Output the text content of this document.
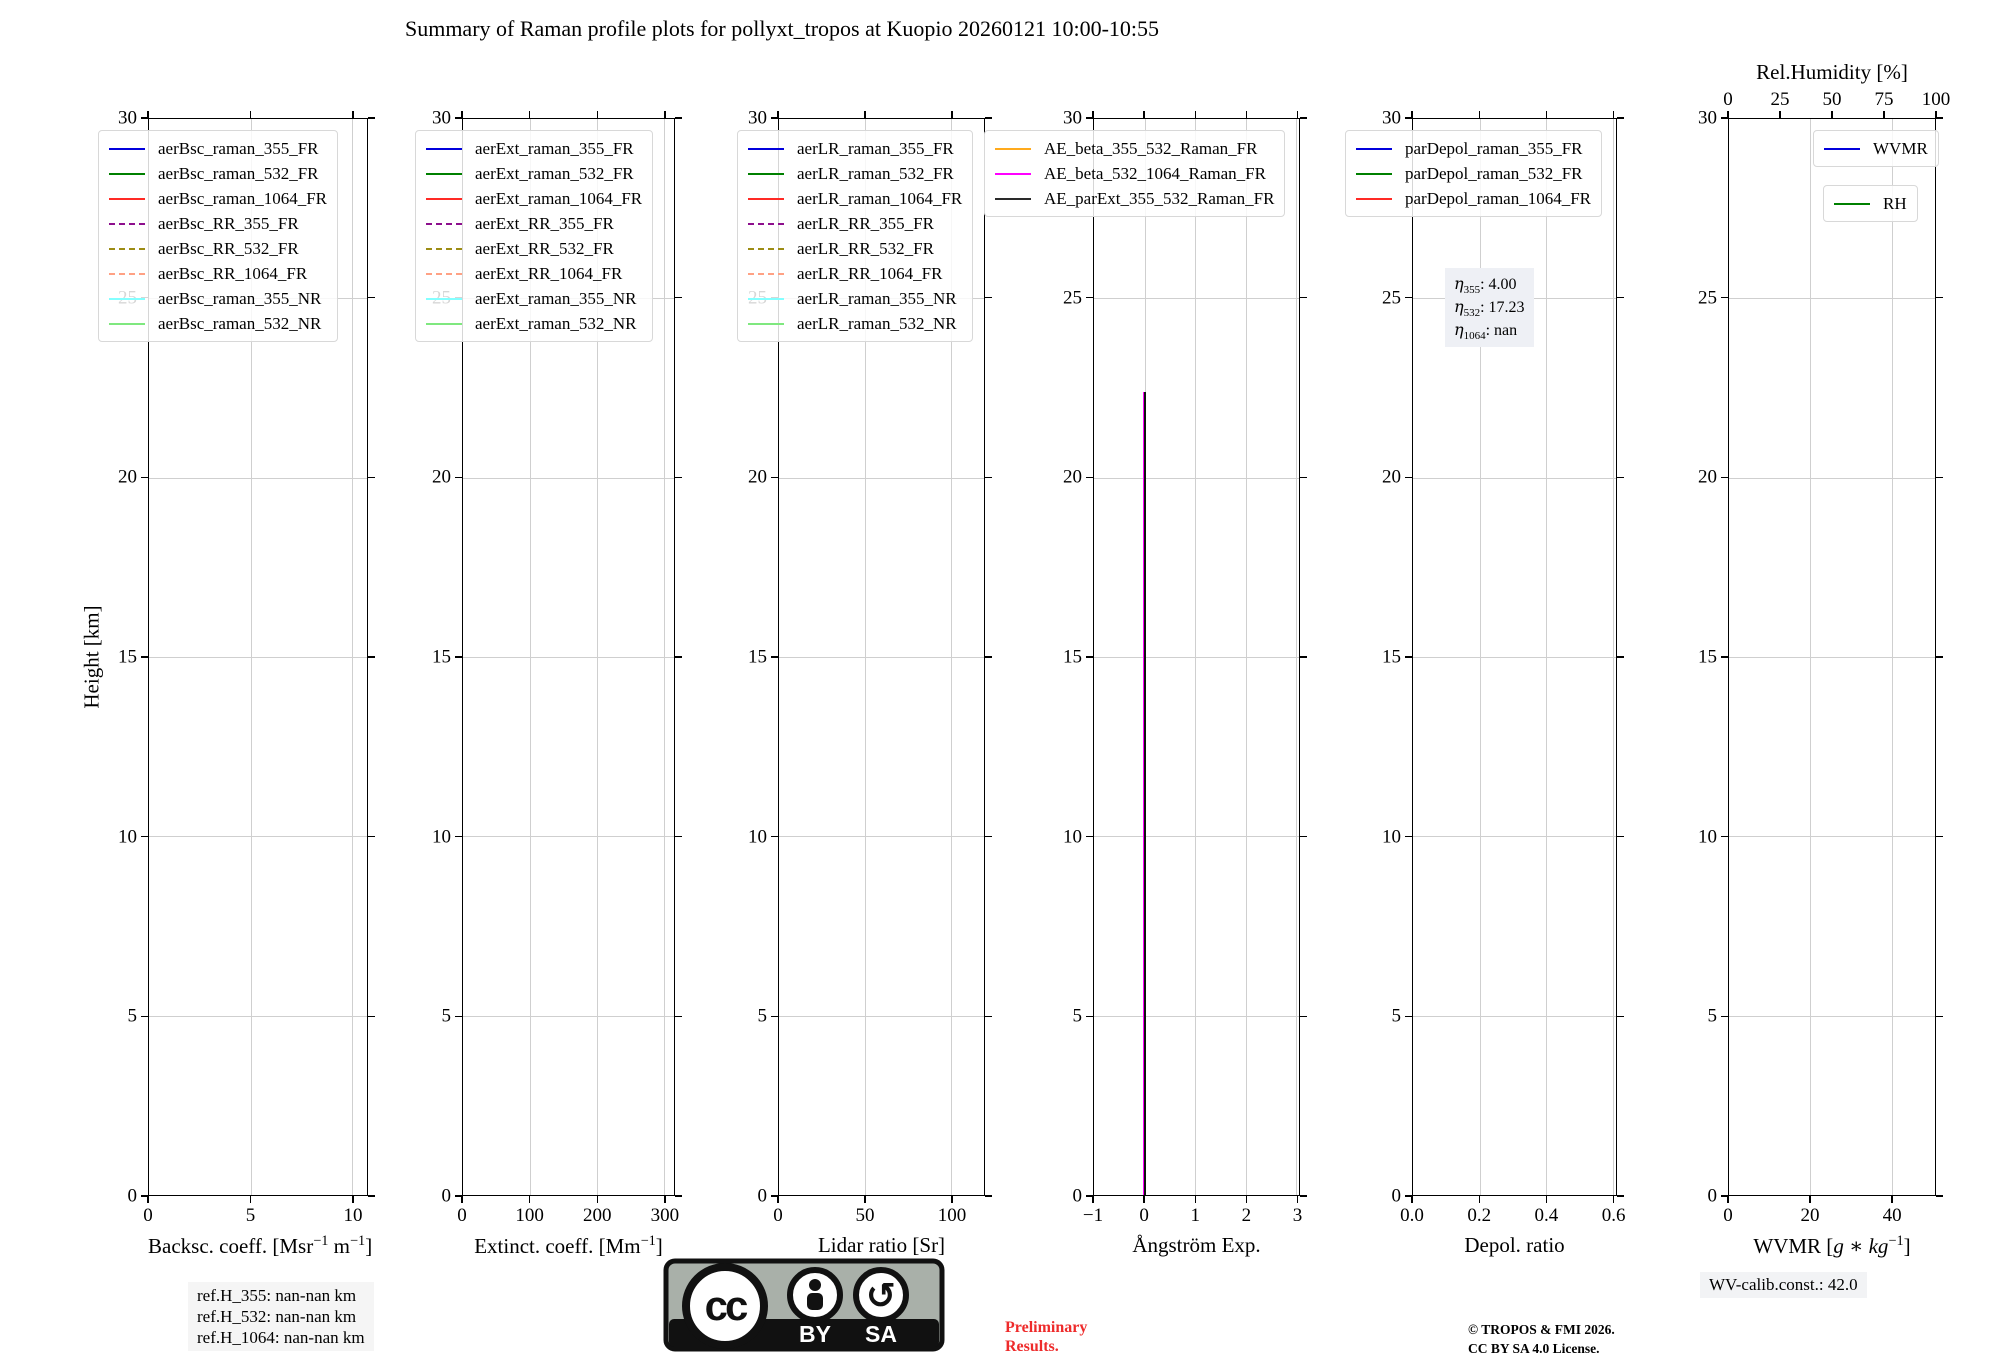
Summary of Raman profile plots for pollyxt_tropos at Kuopio 20260121 10:00-10:55
Height [km]
ref.H_355: nan-nan km
ref.H_532: nan-nan km
ref.H_1064: nan-nan km
cc	↺
BY SA	Preliminary
Results.
© TROPOS & FMI 2026.
CC BY SA 4.0 License.
WV-calib.const.: 42.0
0
5
10
15
20
30
0	5	10
Backsc. coeff. [Msr$^{-1}$ $m^{-1}$]
aerBsc_raman_355_FR
aerBsc_raman_532_FR
aerBsc_raman_1064_FR
aerBsc_RR_355_FR
aerBsc_RR_532_FR
aerBsc_RR_1064_FR
aerBsc_raman_355_NR
aerBsc_raman_532_NR
0
5
10
15
20
30
0	100 200 300
Extinct. coeff. $[Mm^{-1}]$
aerExt_raman_355_FR
aerExt_raman_532_FR
aerExt_raman_1064_FR
aerExt_RR_355_FR
aerExt_RR_532_FR
aerExt_RR_1064_FR
aerExt_raman_355_NR
aerExt_raman_532_NR
0
5
10
15
20
30
0	50	100
Lidar ratio [Sr]
aerLR_raman_355_FR
aerLR_raman_532_FR
aerLR_raman_1064_FR
aerLR_RR_355_FR
aerLR_RR_532_FR
aerLR_RR_1064_FR
aerLR_raman_355_NR
aerLR_raman_532_NR
0
5
10
15
20
25
30
−1 0 1 2 3
Ångström Exp.
AE_beta_355_532_Raman_FR
AE_beta_532_1064_Raman_FR
AE_parExt_355_532_Raman_FR
0
5
10
15
20
25
30
0.0 0.2 0.4 0.6
Depol. ratio
parDepol_raman_355_FR
parDepol_raman_532_FR
parDepol_raman_1064_FR
$\eta_{355}$: 4.00
$\eta_{532}$: 17.23
$\eta_{1064}$: nan
0
5
10
15
20
25
30
0	20	40
WVMR [g ∗ $kg^{-1}$]
0 25 50 75 100
Rel.Humidity [%]
WVMR
RH
